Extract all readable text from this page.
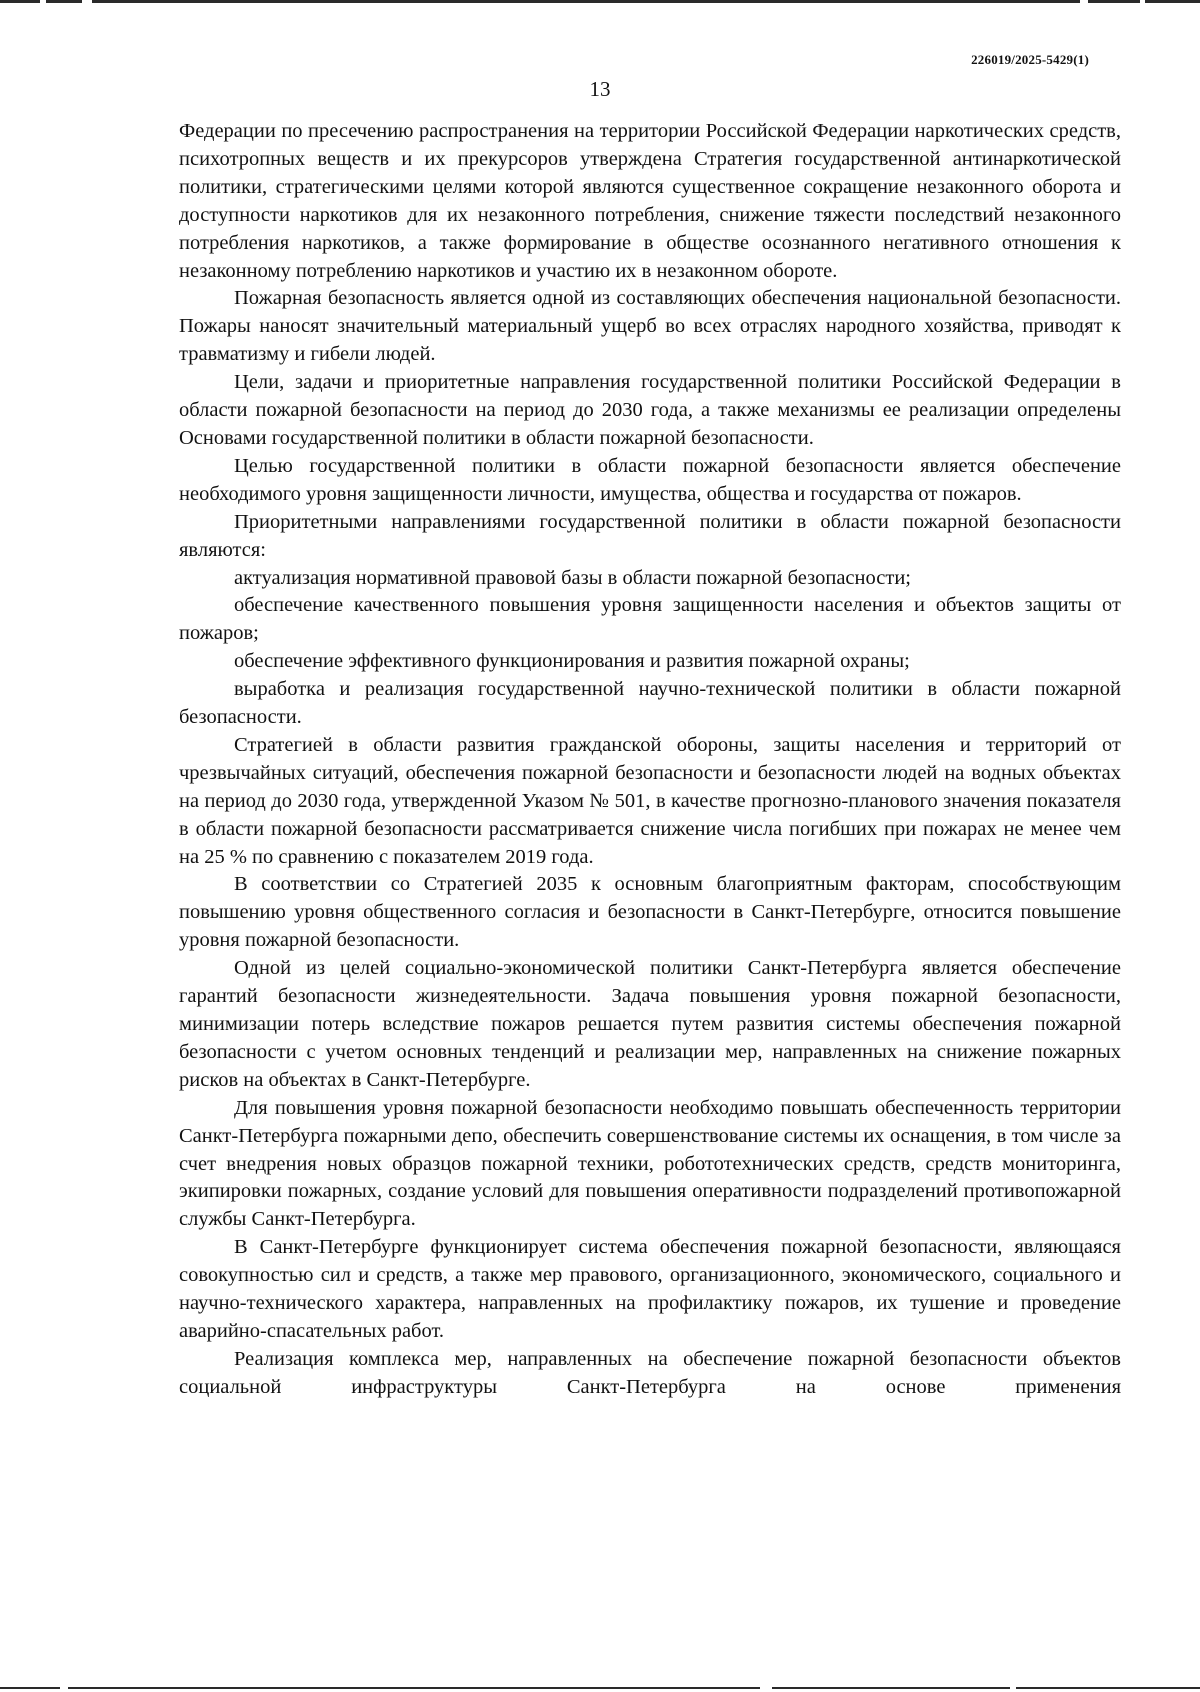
226019/2025-5429(1)
13

Федерации по пресечению распространения на территории Российской Федерации наркотических средств, психотропных веществ и их прекурсоров утверждена Стратегия государственной антинаркотической политики, стратегическими целями которой являются существенное сокращение незаконного оборота и доступности наркотиков для их незаконного потребления, снижение тяжести последствий незаконного потребления наркотиков, а также формирование в обществе осознанного негативного отношения к незаконному потреблению наркотиков и участию их в незаконном обороте.

Пожарная безопасность является одной из составляющих обеспечения национальной безопасности. Пожары наносят значительный материальный ущерб во всех отраслях народного хозяйства, приводят к травматизму и гибели людей.

Цели, задачи и приоритетные направления государственной политики Российской Федерации в области пожарной безопасности на период до 2030 года, а также механизмы ее реализации определены Основами государственной политики в области пожарной безопасности.

Целью государственной политики в области пожарной безопасности является обеспечение необходимого уровня защищенности личности, имущества, общества и государства от пожаров.

Приоритетными направлениями государственной политики в области пожарной безопасности являются:

актуализация нормативной правовой базы в области пожарной безопасности;

обеспечение качественного повышения уровня защищенности населения и объектов защиты от пожаров;

обеспечение эффективного функционирования и развития пожарной охраны;

выработка и реализация государственной научно-технической политики в области пожарной безопасности.

Стратегией в области развития гражданской обороны, защиты населения и территорий от чрезвычайных ситуаций, обеспечения пожарной безопасности и безопасности людей на водных объектах на период до 2030 года, утвержденной Указом № 501, в качестве прогнозно-планового значения показателя в области пожарной безопасности рассматривается снижение числа погибших при пожарах не менее чем на 25 % по сравнению с показателем 2019 года.

В соответствии со Стратегией 2035 к основным благоприятным факторам, способствующим повышению уровня общественного согласия и безопасности в Санкт-Петербурге, относится повышение уровня пожарной безопасности.

Одной из целей социально-экономической политики Санкт-Петербурга является обеспечение гарантий безопасности жизнедеятельности. Задача повышения уровня пожарной безопасности, минимизации потерь вследствие пожаров решается путем развития системы обеспечения пожарной безопасности с учетом основных тенденций и реализации мер, направленных на снижение пожарных рисков на объектах в Санкт-Петербурге.

Для повышения уровня пожарной безопасности необходимо повышать обеспеченность территории Санкт-Петербурга пожарными депо, обеспечить совершенствование системы их оснащения, в том числе за счет внедрения новых образцов пожарной техники, робототехнических средств, средств мониторинга, экипировки пожарных, создание условий для повышения оперативности подразделений противопожарной службы Санкт-Петербурга.

В Санкт-Петербурге функционирует система обеспечения пожарной безопасности, являющаяся совокупностью сил и средств, а также мер правового, организационного, экономического, социального и научно-технического характера, направленных на профилактику пожаров, их тушение и проведение аварийно-спасательных работ.

Реализация комплекса мер, направленных на обеспечение пожарной безопасности объектов социальной инфраструктуры Санкт-Петербурга на основе применения
